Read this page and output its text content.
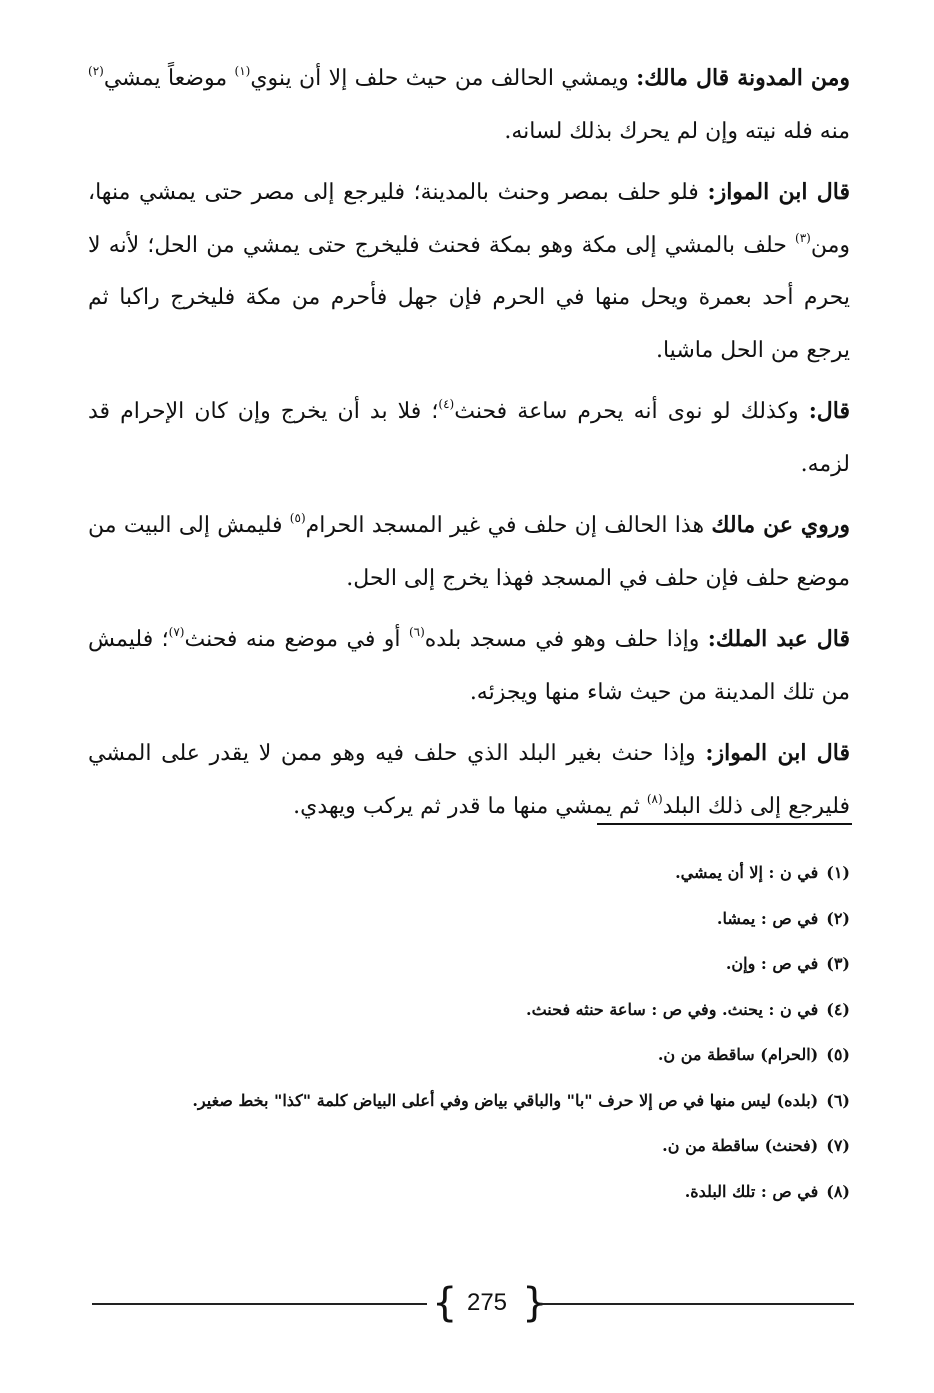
ومن المدونة قال مالك: ويمشي الحالف من حيث حلف إلا أن ينوي$^{(١)}$ موضعاً يمشي$^{(٢)}$ منه فله نيته وإن لم يحرك بذلك لسانه.

قال ابن المواز: فلو حلف بمصر وحنث بالمدينة؛ فليرجع إلى مصر حتى يمشي منها، ومن$^{(٣)}$ حلف بالمشي إلى مكة وهو بمكة فحنث فليخرج حتى يمشي من الحل؛ لأنه لا يحرم أحد بعمرة ويحل منها في الحرم فإن جهل فأحرم من مكة فليخرج راكبا ثم يرجع من الحل ماشيا.

قال: وكذلك لو نوى أنه يحرم ساعة فحنث$^{(٤)}$؛ فلا بد أن يخرج وإن كان الإحرام قد لزمه.

وروي عن مالك هذا الحالف إن حلف في غير المسجد الحرام$^{(٥)}$ فليمش إلى البيت من موضع حلف فإن حلف في المسجد فهذا يخرج إلى الحل.

قال عبد الملك: وإذا حلف وهو في مسجد بلده$^{(٦)}$ أو في موضع منه فحنث$^{(٧)}$؛ فليمش من تلك المدينة من حيث شاء منها ويجزئه.

قال ابن المواز: وإذا حنث بغير البلد الذي حلف فيه وهو ممن لا يقدر على المشي فليرجع إلى ذلك البلد$^{(٨)}$ ثم يمشي منها ما قدر ثم يركب ويهدي.

(١)في ن : إلا أن يمشي.
(٢)في ص : يمشا.
(٣)في ص : وإن.
(٤)في ن : يحنث. وفي ص : ساعة حنثه فحنث.
(٥)(الحرام) ساقطة من ن.
(٦)(بلده) ليس منها في ص إلا حرف "با" والباقي بياض وفي أعلى البياض كلمة "كذا" بخط صغير.
(٧)(فحنث) ساقطة من ن.
(٨)في ص : تلك البلدة.
{ 275 }
